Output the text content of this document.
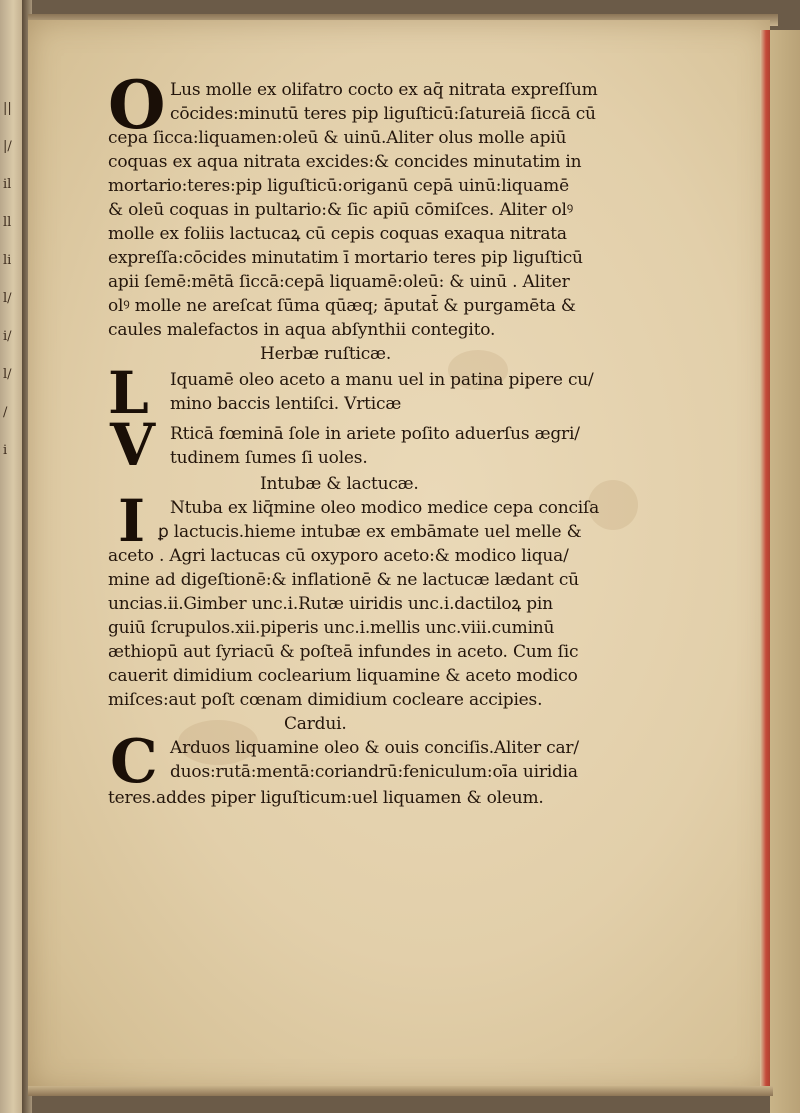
||
|/
il
ll
li
l/
i/
l/
/
i
O Lus molle ex olifatro cocto ex aq̄ nitrata expreſſum
cōcides:minutū teres pip liguſticū:ſatureiā ſiccā cū
cepa ſicca:liquamen:oleū & uinū.Aliter olus molle apiū
coquas ex aqua nitrata excides:& concides minutatim in
mortario:teres:pip liguſticū:origanū cepā uinū:liquamē
& oleū coquas in pultario:& ſic apiū cōmiſces. Aliter olꝰ
molle ex foliis lactucaꝝ cū cepis coquas exaqua nitrata
expreſſa:cōcides minutatim ī mortario teres pip liguſticū
apii ſemē:mētā ſiccā:cepā liquamē:oleū: & uinū . Aliter
olꝰ molle ne areſcat ſūma qūæq; āputat̄ & purgamēta &
caules malefactos in aqua abſynthii contegito.
Herbæ ruſticæ.
L Iquamē oleo aceto a manu uel in patina pipere cu/
mino baccis lentiſci. Vrticæ
V Rticā fœminā ſole in ariete poſito aduerſus ægri/
tudinem ſumes ſi uoles.
Intubæ & lactucæ.
I Ntuba ex liq̄mine oleo modico medice cepa conciſa
ꝑ lactucis.hieme intubæ ex embāmate uel melle &
aceto . Agri lactucas cū oxyporo aceto:& modico liqua/
mine ad digeſtionē:& inflationē & ne lactucæ lædant cū
uncias.ii.Gimber unc.i.Rutæ uiridis unc.i.dactiloꝝ pin
guiū ſcrupulos.xii.piperis unc.i.mellis unc.viii.cuminū
æthiopū aut ſyriacū & poſteā infundes in aceto. Cum ſic
cauerit dimidium coclearium liquamine & aceto modico
miſces:aut poſt cœnam dimidium cocleare accipies.
Cardui.
C Arduos liquamine oleo & ouis conciſis.Aliter car/
duos:rutā:mentā:coriandrū:feniculum:oīa uiridia
teres.addes piper liguſticum:uel liquamen & oleum.
